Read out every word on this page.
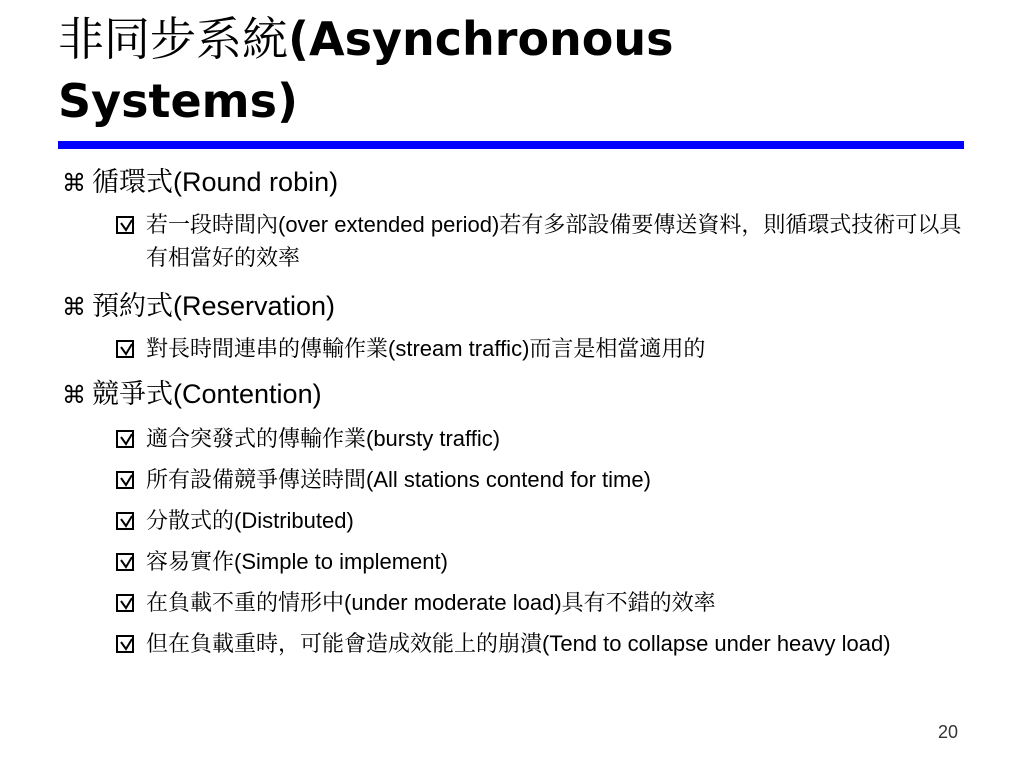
非同步系統(Asynchronous
Systems)
⌘ 循環式(Round robin)
若一段時間內(over extended period)若有多部設備要傳送資料，則循環式技術可以具有相當好的效率
⌘ 預約式(Reservation)
對長時間連串的傳輸作業(stream traffic)而言是相當適用的
⌘ 競爭式(Contention)
適合突發式的傳輸作業(bursty traffic)
所有設備競爭傳送時間(All stations contend for time)
分散式的(Distributed)
容易實作(Simple to implement)
在負載不重的情形中(under moderate load)具有不錯的效率
但在負載重時，可能會造成效能上的崩潰(Tend to collapse under heavy load)
20
